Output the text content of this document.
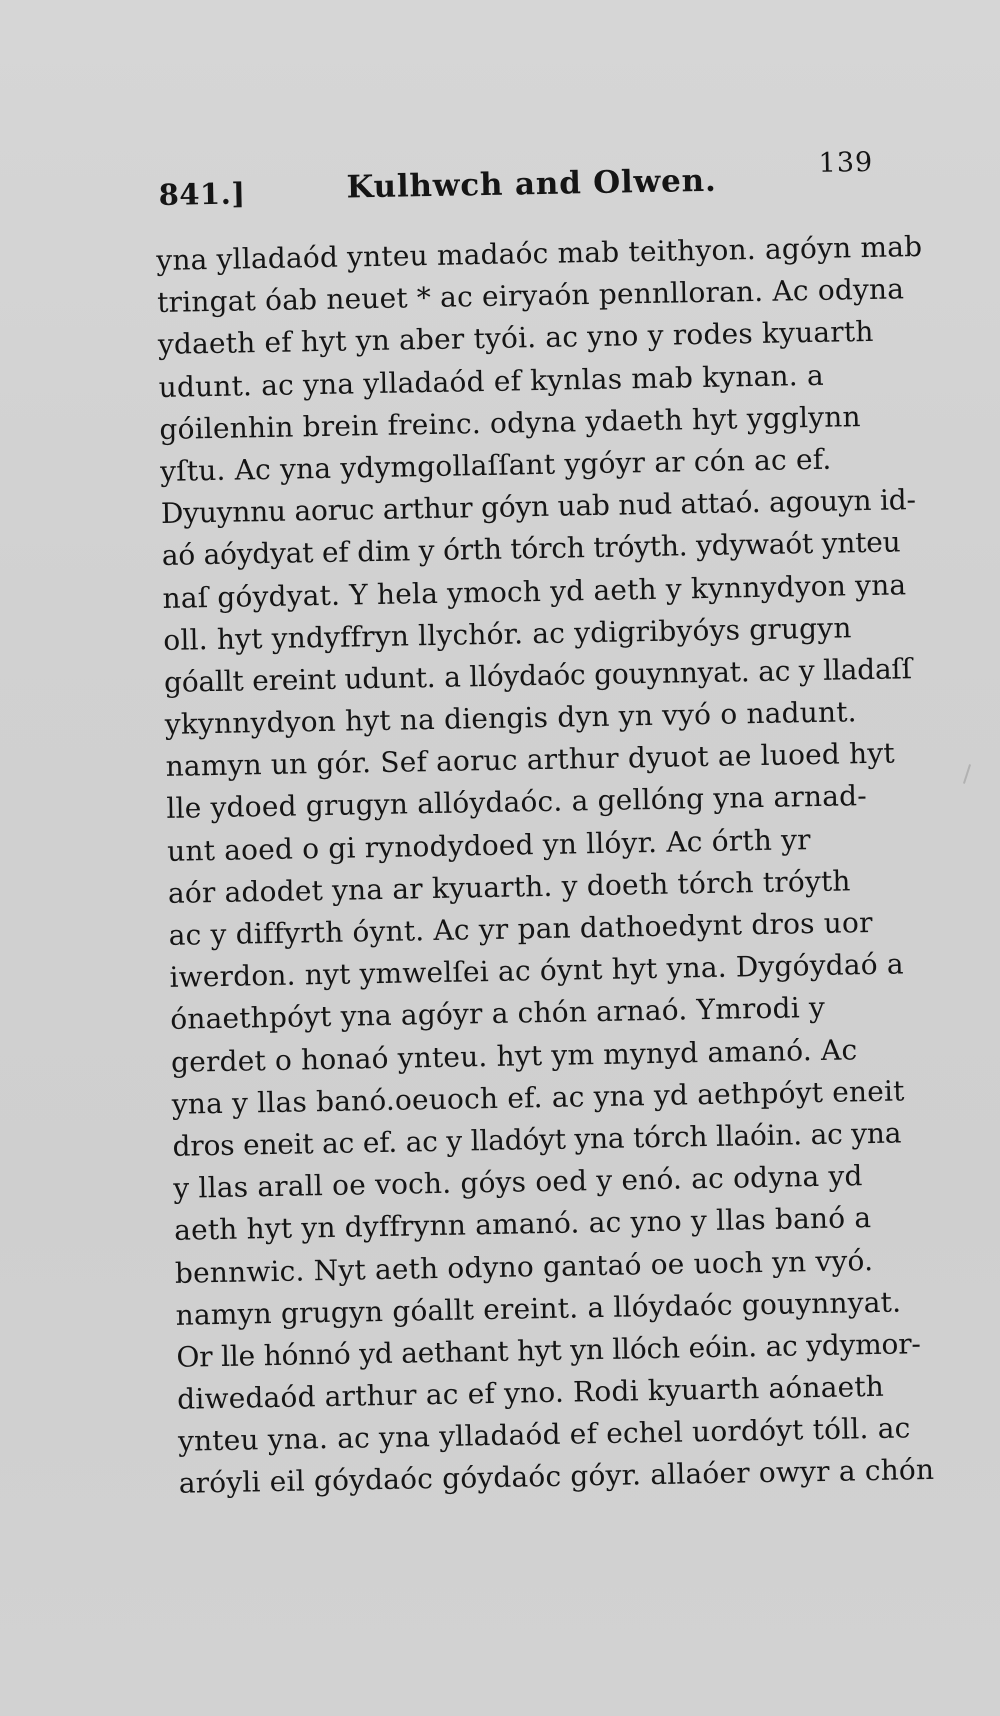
841.]	Kulhwch and Olwen.	139
yna ylladaód ynteu madaóc mab teithyon. agóyn mab
tringat óab neuet * ac eiryaón pennlloran. Ac odyna
ydaeth ef hyt yn aber tyói. ac yno y rodes kyuarth
udunt. ac yna ylladaód ef kynlas mab kynan. a
góilenhin brein freinc. odyna ydaeth hyt ygglynn
yſtu. Ac yna ydymgollaſſant ygóyr ar cón ac ef.
Dyuynnu aoruc arthur góyn uab nud attaó. agouyn id-
aó aóydyat ef dim y órth tórch tróyth. ydywaót ynteu
naſ góydyat. Y hela ymoch yd aeth y kynnydyon yna
oll. hyt yndyffryn llychór. ac ydigribyóys grugyn
góallt ereint udunt. a llóydaóc gouynnyat. ac y lladaſſ
ykynnydyon hyt na diengis dyn yn vyó o nadunt.
namyn un gór. Sef aoruc arthur dyuot ae luoed hyt
lle ydoed grugyn allóydaóc. a gellóng yna arnad-
unt aoed o gi rynodydoed yn llóyr. Ac órth yr
aór adodet yna ar kyuarth. y doeth tórch tróyth
ac y diffyrth óynt. Ac yr pan dathoedynt dros uor
iwerdon. nyt ymwelſei ac óynt hyt yna. Dygóydaó a
ónaethpóyt yna agóyr a chón arnaó. Ymrodi y
gerdet o honaó ynteu. hyt ym mynyd amanó. Ac
yna y llas banó.oeuoch ef. ac yna yd aethpóyt eneit
dros eneit ac ef. ac y lladóyt yna tórch llaóin. ac yna
y llas arall oe voch. góys oed y enó. ac odyna yd
aeth hyt yn dyffrynn amanó. ac yno y llas banó a
bennwic. Nyt aeth odyno gantaó oe uoch yn vyó.
namyn grugyn góallt ereint. a llóydaóc gouynnyat.
Or lle hónnó yd aethant hyt yn llóch eóin. ac ydymor-
diwedaód arthur ac ef yno. Rodi kyuarth aónaeth
ynteu yna. ac yna ylladaód ef echel uordóyt tóll. ac
aróyli eil góydaóc góydaóc góyr. allaóer owyr a chón
